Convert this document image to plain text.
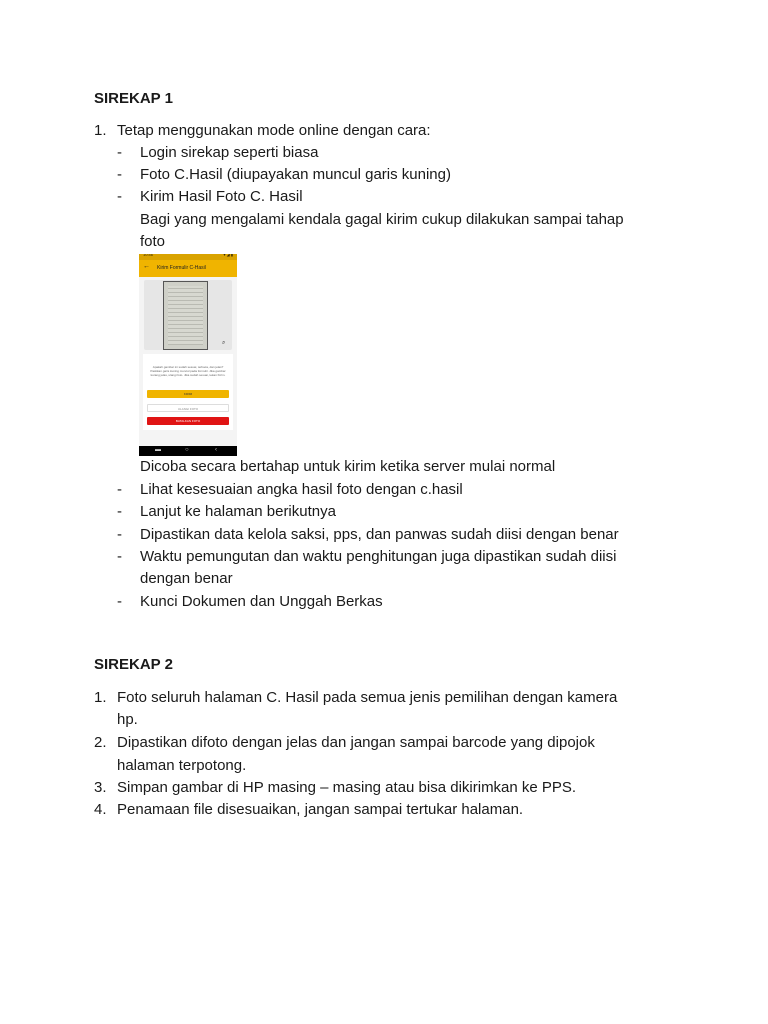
SIREKAP 1
1. Tetap menggunakan mode online dengan cara:
- Login sirekap seperti biasa
- Foto C.Hasil (diupayakan muncul garis kuning)
- Kirim Hasil Foto C. Hasil
Bagi yang mengalami kendala gagal kirim cukup dilakukan sampai tahap
foto
10:46	▾ ◢ ▮
← Kirim Formulir C-Hasil
⌕
Apakah gambar ini sudah sesuai, terbaca, dan jelas? Pastikan garis kuning muncul pada formulir. Jika gambar kurang jelas, ulangi foto. Jika sudah sesuai, tekan Kirim.
KIRIM
ULANGI FOTO
BATALKAN FOTO
▬	○	‹
Dicoba secara bertahap untuk kirim ketika server mulai normal
- Lihat kesesuaian angka hasil foto dengan c.hasil
- Lanjut ke halaman berikutnya
- Dipastikan data kelola saksi, pps, dan panwas sudah diisi dengan benar
- Waktu pemungutan dan waktu penghitungan juga dipastikan sudah diisi
dengan benar
- Kunci Dokumen dan Unggah Berkas
SIREKAP 2
1. Foto seluruh halaman C. Hasil pada semua jenis pemilihan dengan kamera
hp.
2. Dipastikan difoto dengan jelas dan jangan sampai barcode yang dipojok
halaman terpotong.
3. Simpan gambar di HP masing – masing atau bisa dikirimkan ke PPS.
4. Penamaan file disesuaikan, jangan sampai tertukar halaman.
